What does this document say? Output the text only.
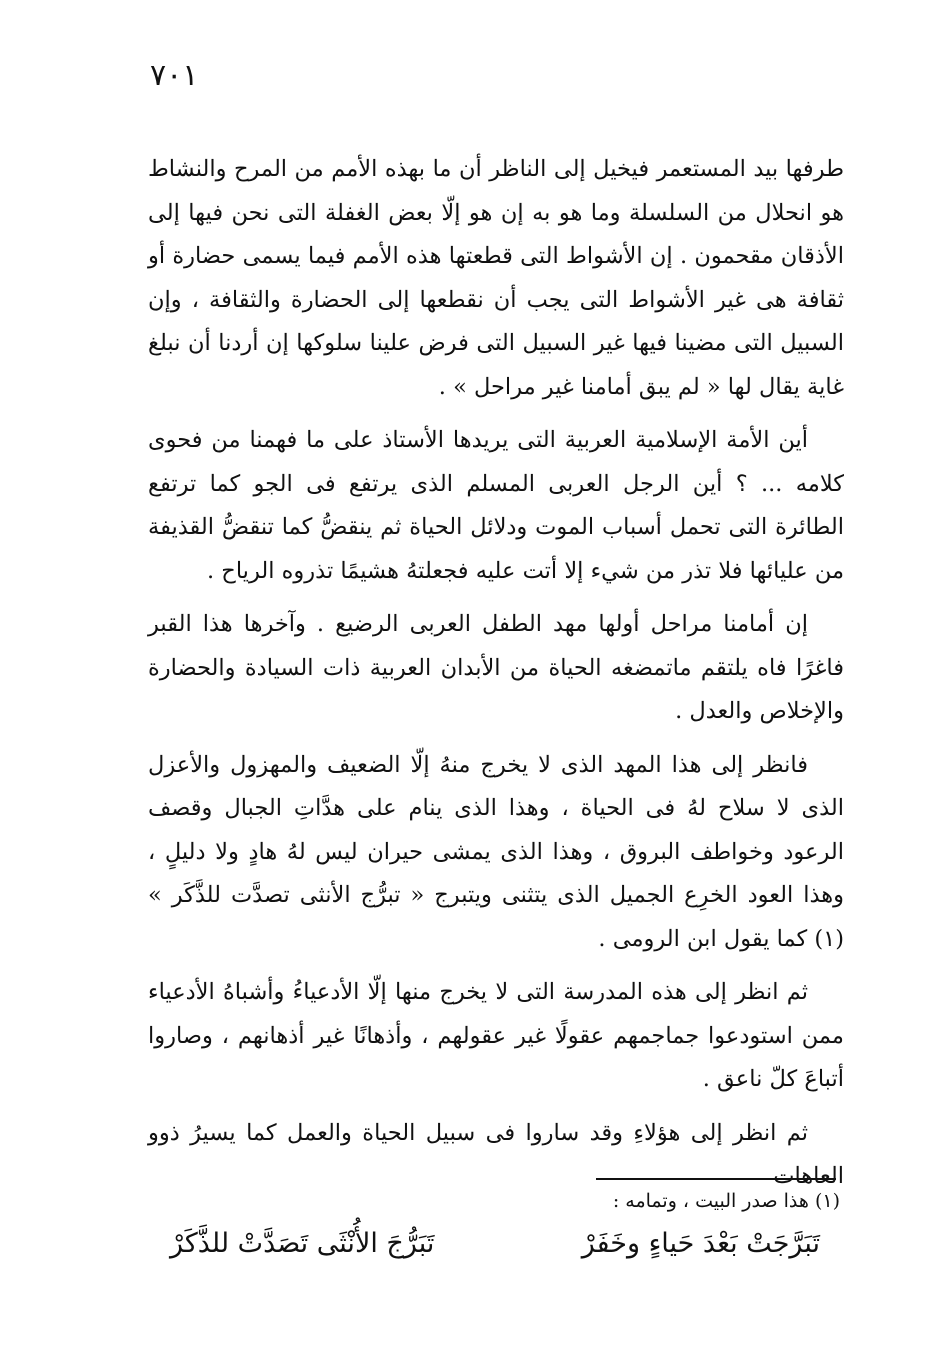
٧٠١

طرفها بيد المستعمر فيخيل إلى الناظر أن ما بهذه الأمم من المرح والنشاط هو انحلال من السلسلة وما هو به إن هو إلّا بعض الغفلة التى نحن فيها إلى الأذقان مقحمون . إن الأشواط التى قطعتها هذه الأمم فيما يسمى حضارة أو ثقافة هى غير الأشواط التى يجب أن نقطعها إلى الحضارة والثقافة ، وإن السبيل التى مضينا فيها غير السبيل التى فرض علينا سلوكها إن أردنا أن نبلغ غاية يقال لها « لم يبق أمامنا غير مراحل » .

أين الأمة الإسلامية العربية التى يريدها الأستاذ على ما فهمنا من فحوى كلامه ... ؟ أين الرجل العربى المسلم الذى يرتفع فى الجو كما ترتفع الطائرة التى تحمل أسباب الموت ودلائل الحياة ثم ينقضُّ كما تنقضُّ القذيفة من عليائها فلا تذر من شيء إلا أتت عليه فجعلتهُ هشيمًا تذروه الرياح .

إن أمامنا مراحل أولها مهد الطفل العربى الرضيع . وآخرها هذا القبر فاغرًا فاه يلتقم ماتمضغه الحياة من الأبدان العربية ذات السيادة والحضارة والإخلاص والعدل .

فانظر إلى هذا المهد الذى لا يخرج منهُ إلّا الضعيف والمهزول والأعزل الذى لا سلاح لهُ فى الحياة ، وهذا الذى ينام على هدَّاتِ الجبال وقصف الرعود وخواطف البروق ، وهذا الذى يمشى حيران ليس لهُ هادٍ ولا دليلٍ ، وهذا العود الخرِع الجميل الذى يتثنى ويتبرج « تبرُّج الأنثى تصدَّت للذَّكَر » (١) كما يقول ابن الرومى .

ثم انظر إلى هذه المدرسة التى لا يخرج منها إلّا الأدعياءُ وأشباهُ الأدعياء ممن استودعوا جماجمهم عقولًا غير عقولهم ، وأذهانًا غير أذهانهم ، وصاروا أتباعَ كلّ ناعق .

ثم انظر إلى هؤلاءِ وقد ساروا فى سبيل الحياة والعمل كما يسيرُ ذوو العاهات

(١) هذا صدر البيت ، وتمامه :
تَبَرَّجَتْ بَعْدَ حَياءٍ وخَفَرْ
تَبَرُّجَ الأُنْثَى تَصَدَّتْ للذَّكَرْ
